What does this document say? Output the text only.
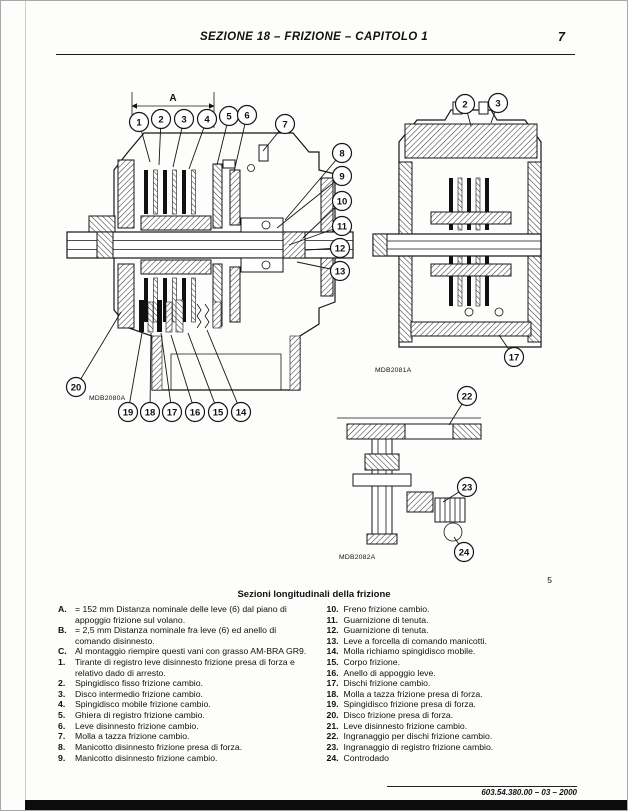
SEZIONE 18 – FRIZIONE – CAPITOLO 1	7
A
MDB2080A
MDB2081A
MDB2082A
5
1 2 3 4 5 6
7
8
9
10
11
12
13
20
19 18 17 16 15 14
2	3
17
22
23
24
Sezioni longitudinali della frizione
A. = 152 mm Distanza nominale delle leve (6) dal piano di appoggio frizione sul volano.
B. = 2,5 mm Distanza nominale fra leve (6) ed anello di comando disinnesto.
C. Al montaggio riempire questi vani con grasso AM-BRA GR9.
1.	Tirante di registro leve disinnesto frizione presa di forza e relativo dado di arresto.
2.	Spingidisco fisso frizione cambio.
3.	Disco intermedio frizione cambio.
4.	Spingidisco mobile frizione cambio.
5.	Ghiera di registro frizione cambio.
6.	Leve disinnesto frizione cambio.
7.	Molla a tazza frizione cambio.
8.	Manicotto disinnesto frizione presa di forza.
9.	Manicotto disinnesto frizione cambio.
10. Freno frizione cambio.
11. Guarnizione di tenuta.
12. Guarnizione di tenuta.
13. Leve a forcella di comando manicotti.
14. Molla richiamo spingidisco mobile.
15. Corpo frizione.
16. Anello di appoggio leve.
17. Dischi frizione cambio.
18. Molla a tazza frizione presa di forza.
19. Spingidisco frizione presa di forza.
20. Disco frizione presa di forza.
21. Leve disinnesto frizione cambio.
22. Ingranaggio per dischi frizione cambio.
23. Ingranaggio di registro frizione cambio.
24. Controdado
603.54.380.00 – 03 – 2000
